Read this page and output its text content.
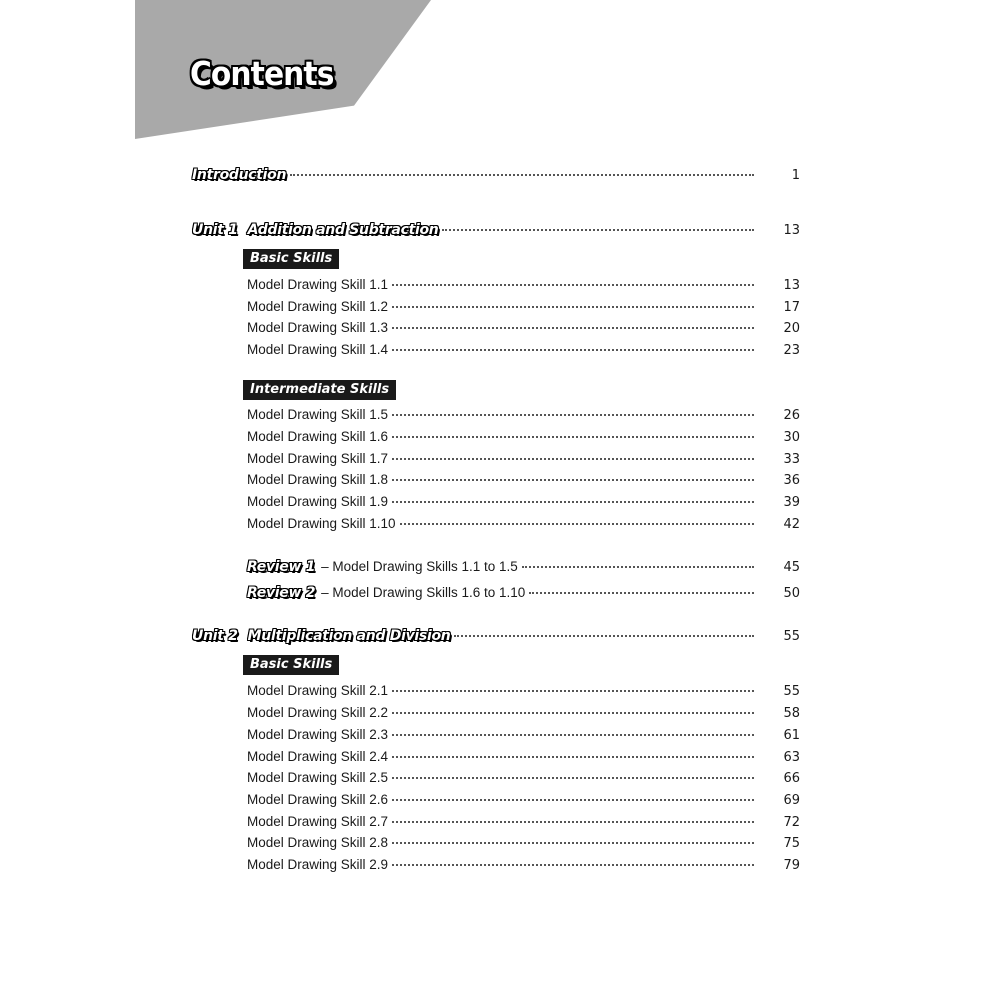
Contents
Introduction	1
Unit 1 Addition and Subtraction	13
Basic Skills
Model Drawing Skill 1.1	13
Model Drawing Skill 1.2	17
Model Drawing Skill 1.3	20
Model Drawing Skill 1.4	23
Intermediate Skills
Model Drawing Skill 1.5	26
Model Drawing Skill 1.6	30
Model Drawing Skill 1.7	33
Model Drawing Skill 1.8	36
Model Drawing Skill 1.9	39
Model Drawing Skill 1.10	42
Review 1 – Model Drawing Skills 1.1 to 1.5	45
Review 2 – Model Drawing Skills 1.6 to 1.10	50
Unit 2 Multiplication and Division	55
Basic Skills
Model Drawing Skill 2.1	55
Model Drawing Skill 2.2	58
Model Drawing Skill 2.3	61
Model Drawing Skill 2.4	63
Model Drawing Skill 2.5	66
Model Drawing Skill 2.6	69
Model Drawing Skill 2.7	72
Model Drawing Skill 2.8	75
Model Drawing Skill 2.9	79
